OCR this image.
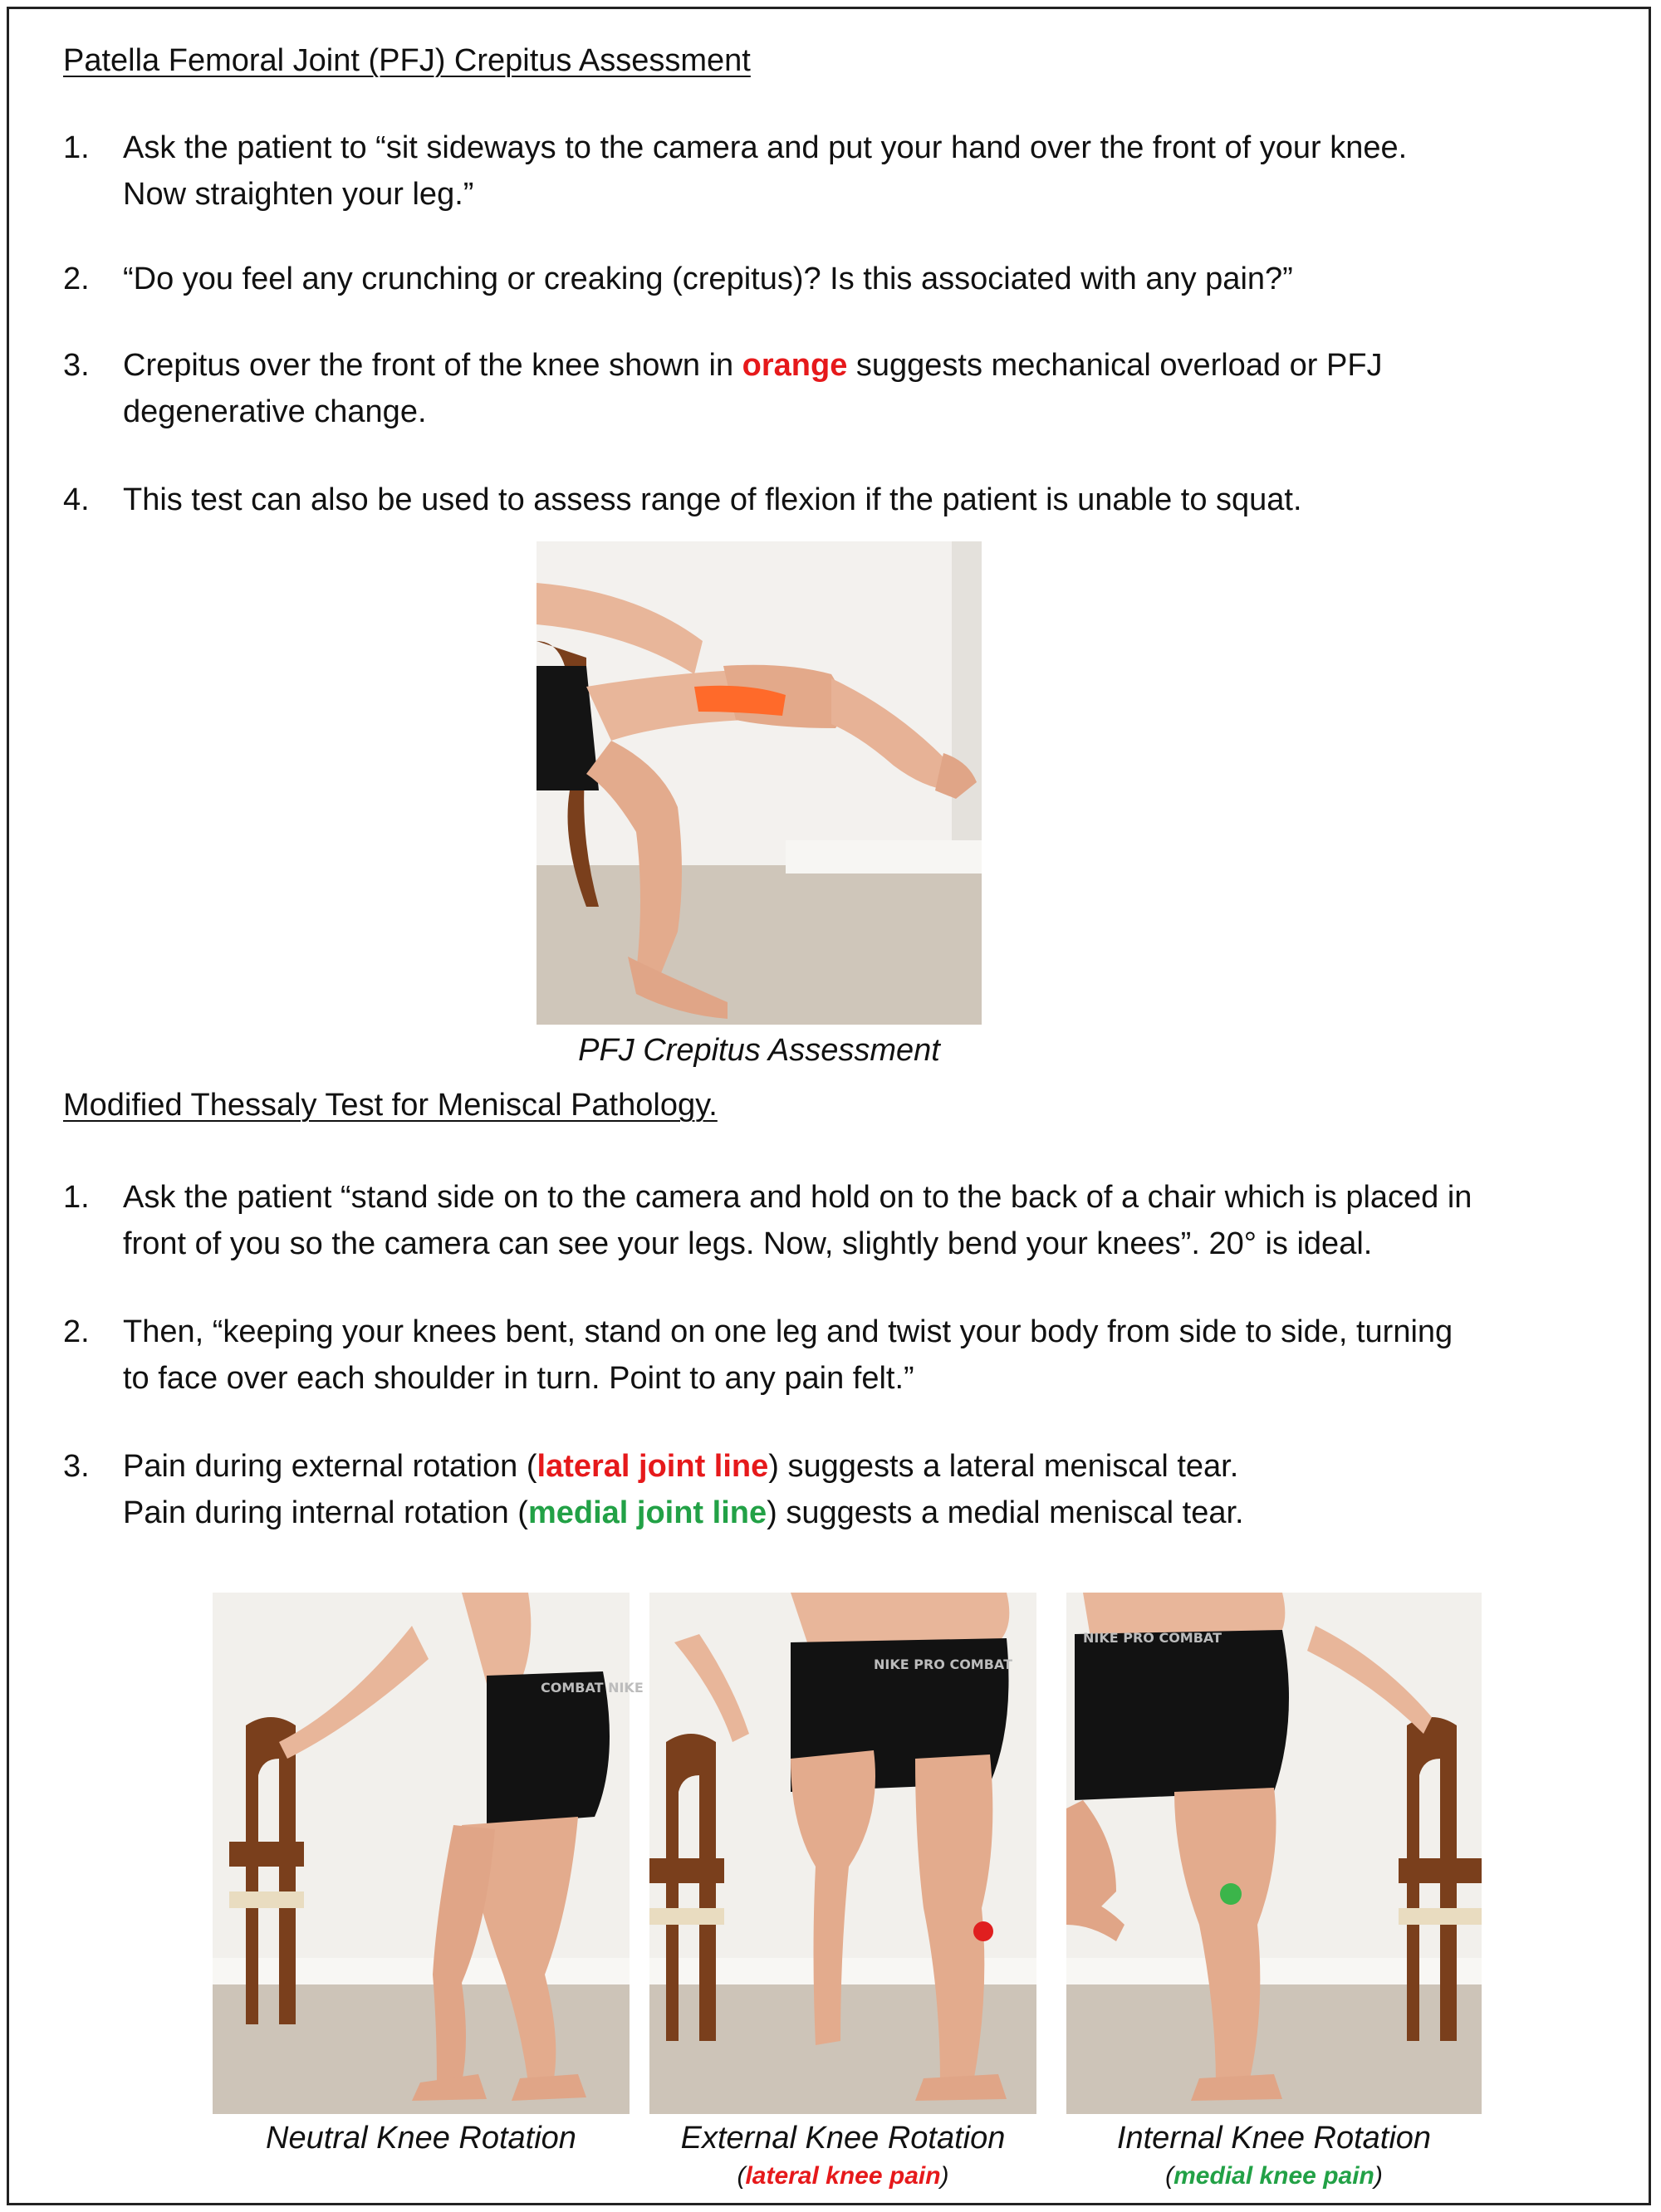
Patella Femoral Joint (PFJ) Crepitus Assessment
1. Ask the patient to “sit sideways to the camera and put your hand over the front of your knee.
Now straighten your leg.”
2. “Do you feel any crunching or creaking (crepitus)? Is this associated with any pain?”
3. Crepitus over the front of the knee shown in orange suggests mechanical overload or PFJ
degenerative change.
4. This test can also be used to assess range of flexion if the patient is unable to squat.
PFJ Crepitus Assessment
Modified Thessaly Test for Meniscal Pathology.
1. Ask the patient “stand side on to the camera and hold on to the back of a chair which is placed in
front of you so the camera can see your legs. Now, slightly bend your knees”. 20° is ideal.
2. Then, “keeping your knees bent, stand on one leg and twist your body from side to side, turning
to face over each shoulder in turn. Point to any pain felt.”
3. Pain during external rotation (lateral joint line) suggests a lateral meniscal tear.
Pain during internal rotation (medial joint line) suggests a medial meniscal tear.
COMBAT NIKE
NIKE PRO COMBAT
NIKE PRO COMBAT
Neutral Knee Rotation	External Knee Rotation
(lateral knee pain)
Internal Knee Rotation
(medial knee pain)
